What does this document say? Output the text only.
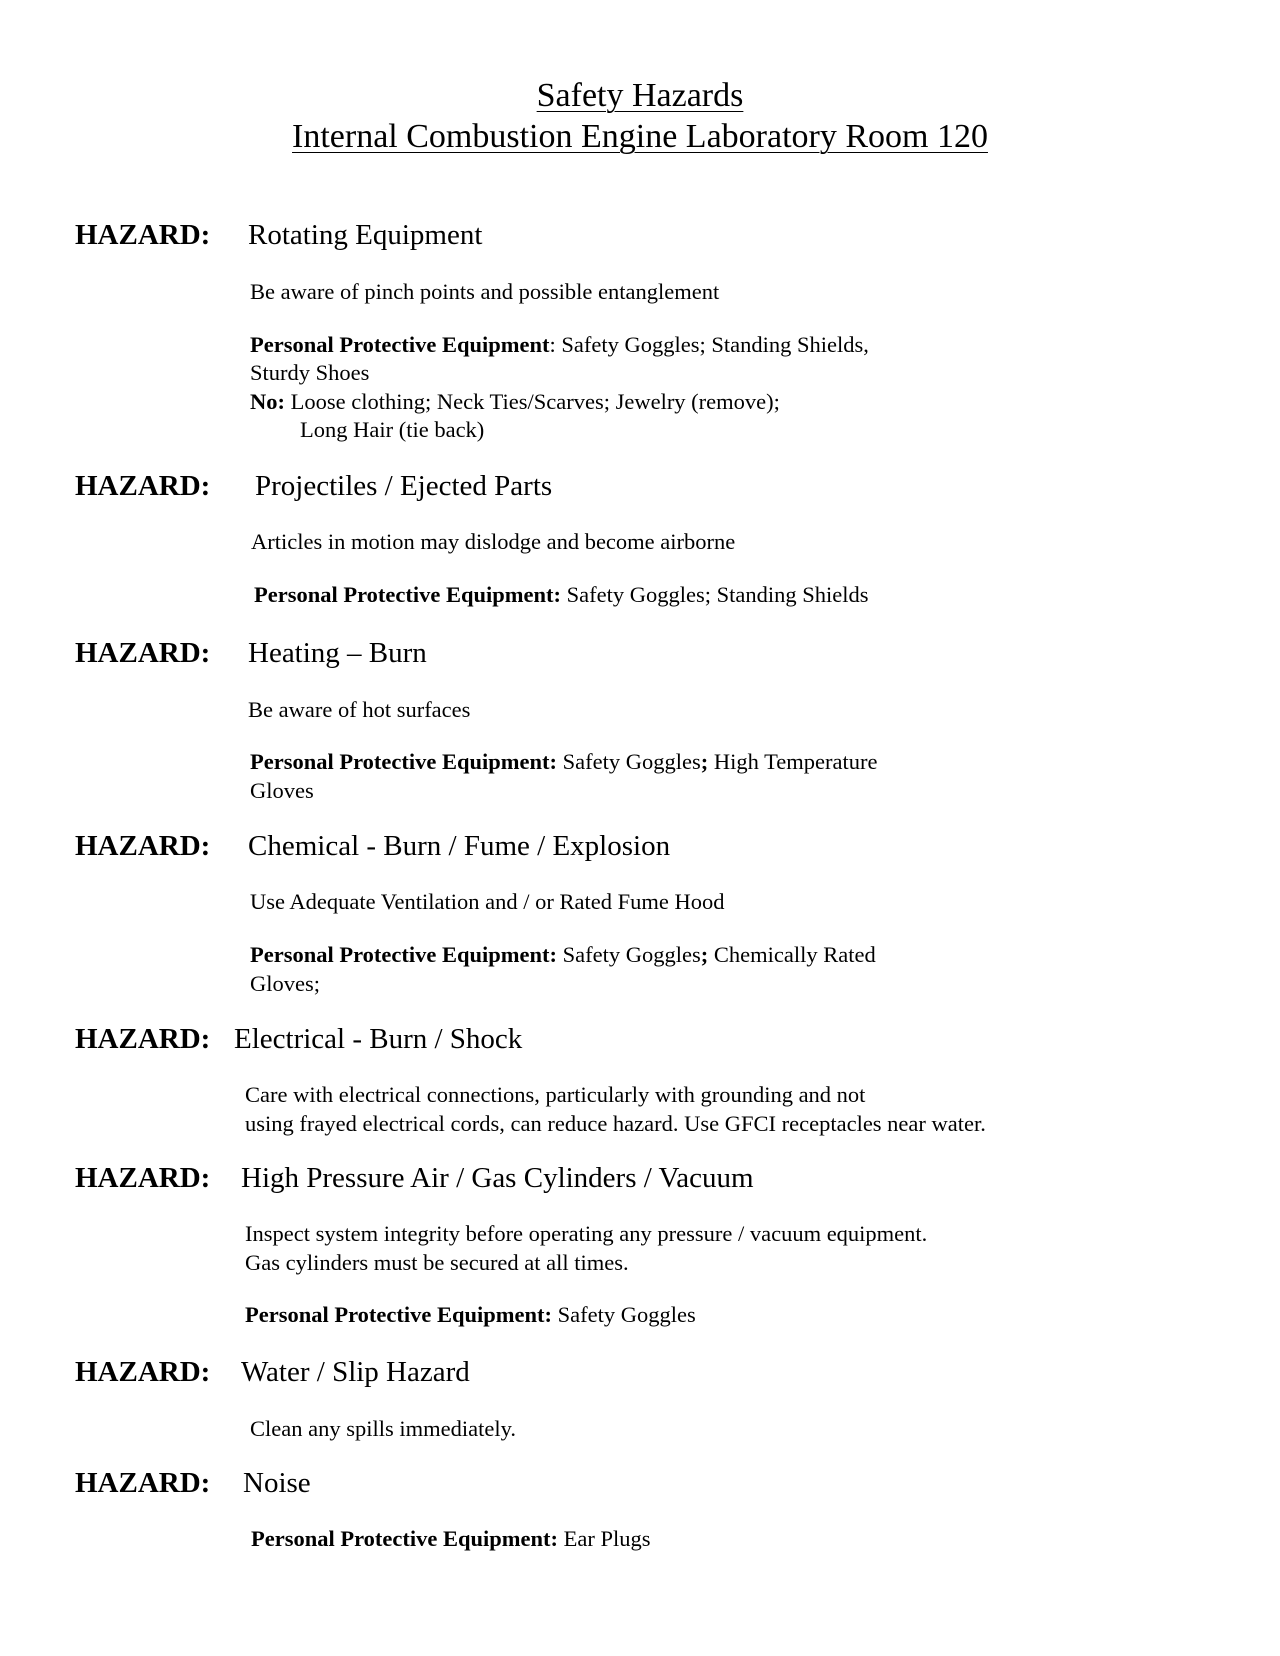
Safety Hazards
Internal Combustion Engine Laboratory Room 120
HAZARD: Rotating Equipment
Be aware of pinch points and possible entanglement
Personal Protective Equipment: Safety Goggles; Standing Shields,
Sturdy Shoes
No: Loose clothing; Neck Ties/Scarves; Jewelry (remove);
Long Hair (tie back)
HAZARD: Projectiles / Ejected Parts
Articles in motion may dislodge and become airborne
Personal Protective Equipment: Safety Goggles; Standing Shields
HAZARD: Heating – Burn
Be aware of hot surfaces
Personal Protective Equipment: Safety Goggles; High Temperature
Gloves
HAZARD: Chemical - Burn / Fume / Explosion
Use Adequate Ventilation and / or Rated Fume Hood
Personal Protective Equipment: Safety Goggles; Chemically Rated
Gloves;
HAZARD: Electrical - Burn / Shock
Care with electrical connections, particularly with grounding and not
using frayed electrical cords, can reduce hazard. Use GFCI receptacles near water.
HAZARD: High Pressure Air / Gas Cylinders / Vacuum
Inspect system integrity before operating any pressure / vacuum equipment.
Gas cylinders must be secured at all times.
Personal Protective Equipment: Safety Goggles
HAZARD: Water / Slip Hazard
Clean any spills immediately.
HAZARD: Noise
Personal Protective Equipment: Ear Plugs
